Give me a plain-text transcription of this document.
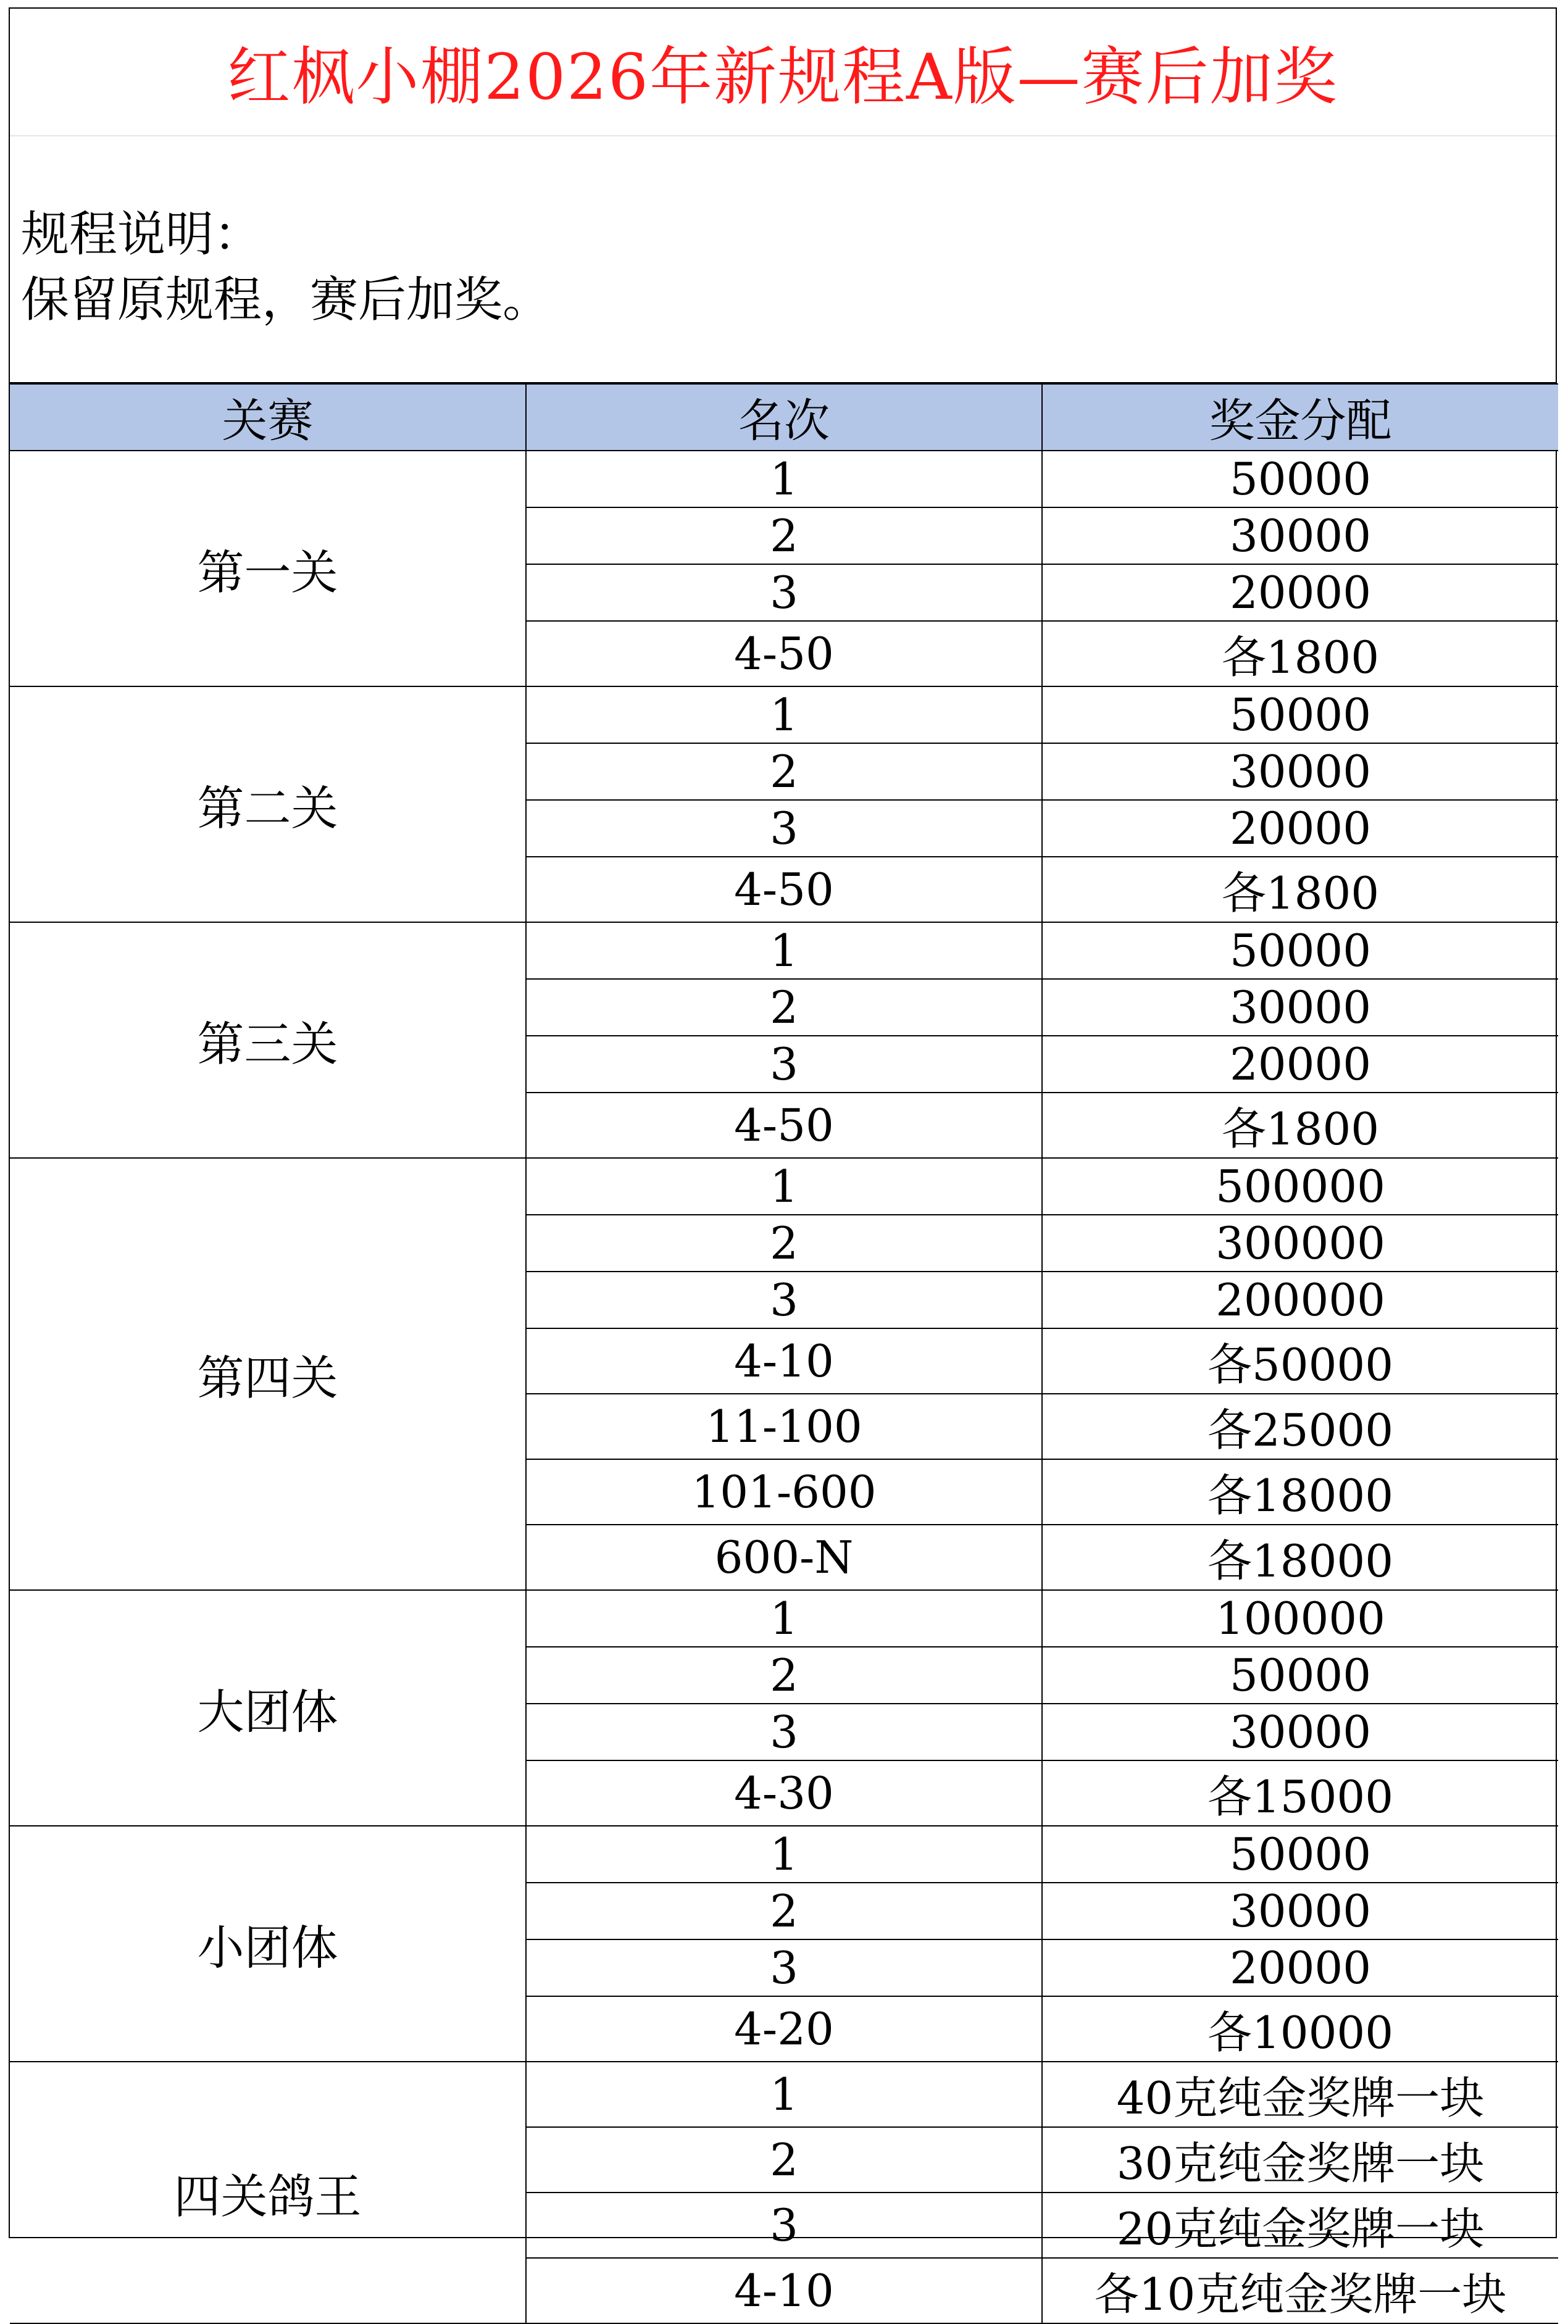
红枫小棚2026年新规程A版—赛后加奖
规程说明：
保留原规程，赛后加奖。
关赛	名次	奖金分配
第一关	1	50000
	2	30000
	3	20000
	4-50	各1800
第二关	1	50000
	2	30000
	3	20000
	4-50	各1800
第三关	1	50000
	2	30000
	3	20000
	4-50	各1800
第四关	1	500000
	2	300000
	3	200000
	4-10	各50000
	11-100	各25000
	101-600	各18000
	600-N	各18000
大团体	1	100000
	2	50000
	3	30000
	4-30	各15000
小团体	1	50000
	2	30000
	3	20000
	4-20	各10000
四关鸽王	1	40克纯金奖牌一块
	2	30克纯金奖牌一块
	3	20克纯金奖牌一块
	4-10	各10克纯金奖牌一块
